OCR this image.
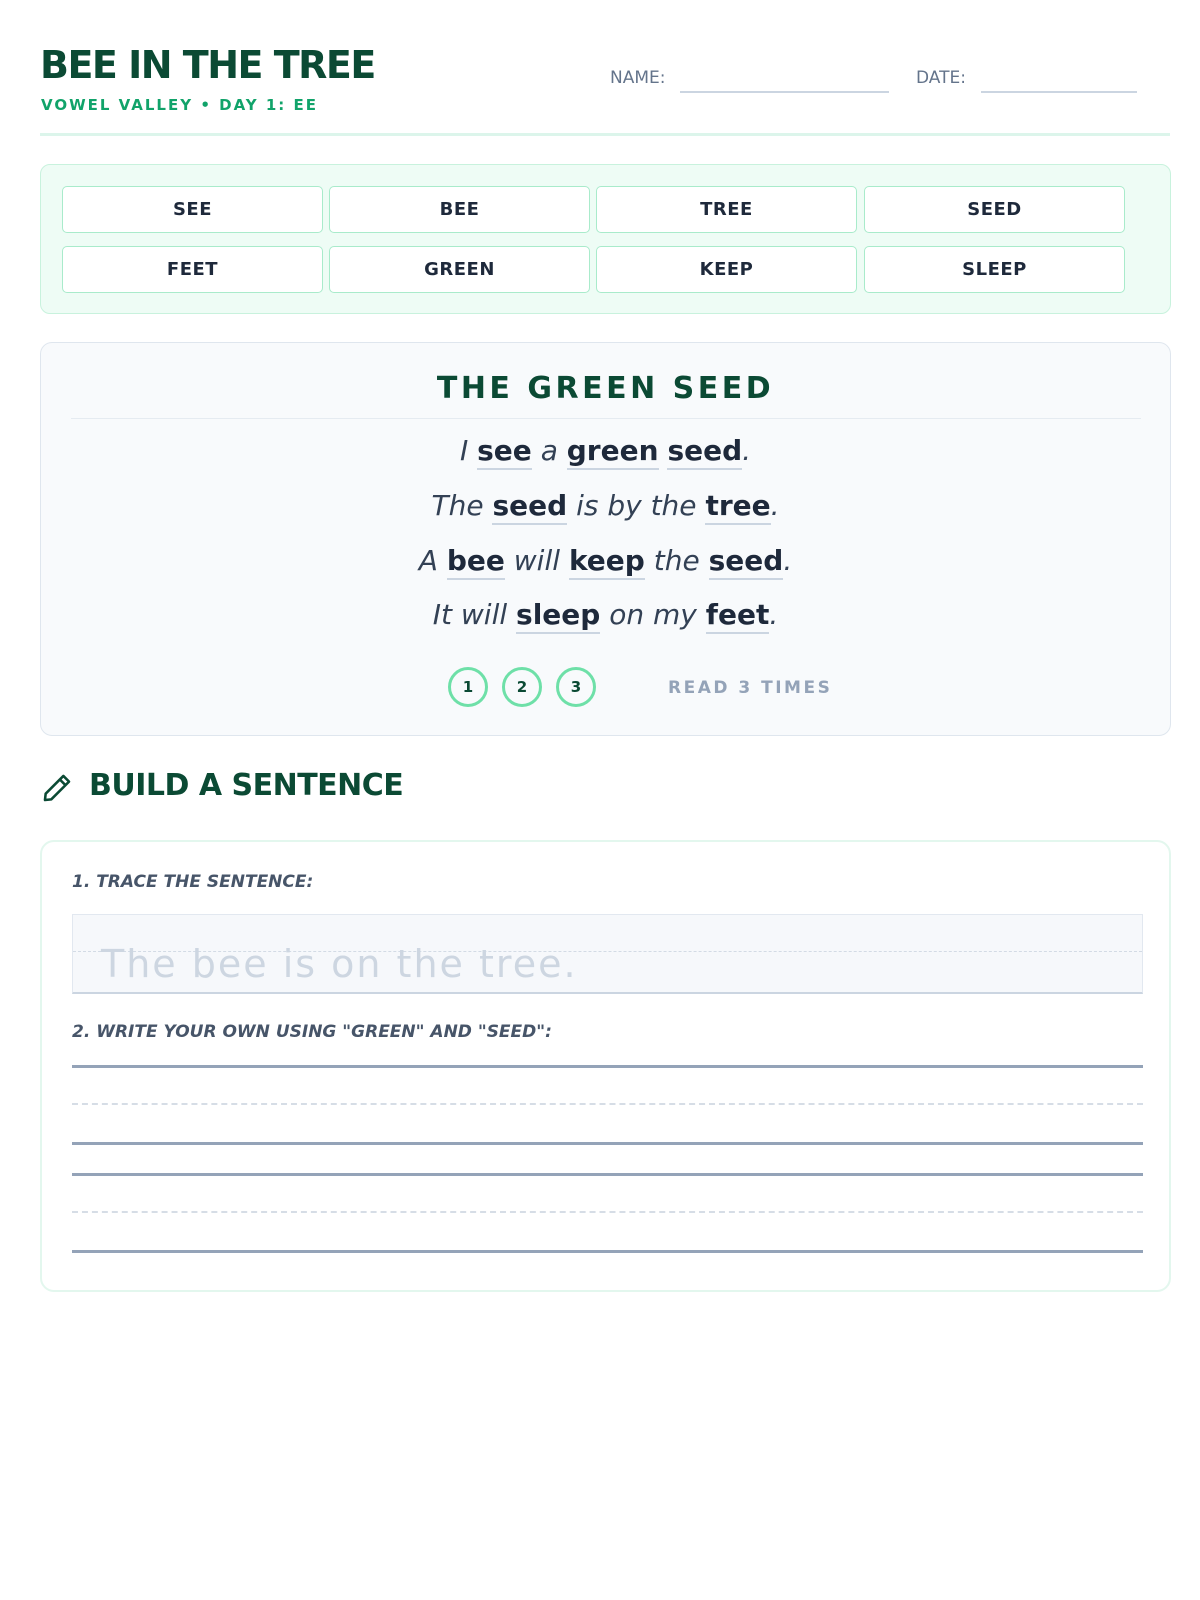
BEE IN THE TREE
VOWEL VALLEY • DAY 1: EE
NAME:	DATE:
SEE	BEE	TREE	SEED
FEET	GREEN	KEEP	SLEEP
THE GREEN SEED
I see a green seed.
The seed is by the tree.
A bee will keep the seed.
It will sleep on my feet.
1	2	3	READ 3 TIMES
BUILD A SENTENCE
1. TRACE THE SENTENCE:
The bee is on the tree.
2. WRITE YOUR OWN USING "GREEN" AND "SEED":
